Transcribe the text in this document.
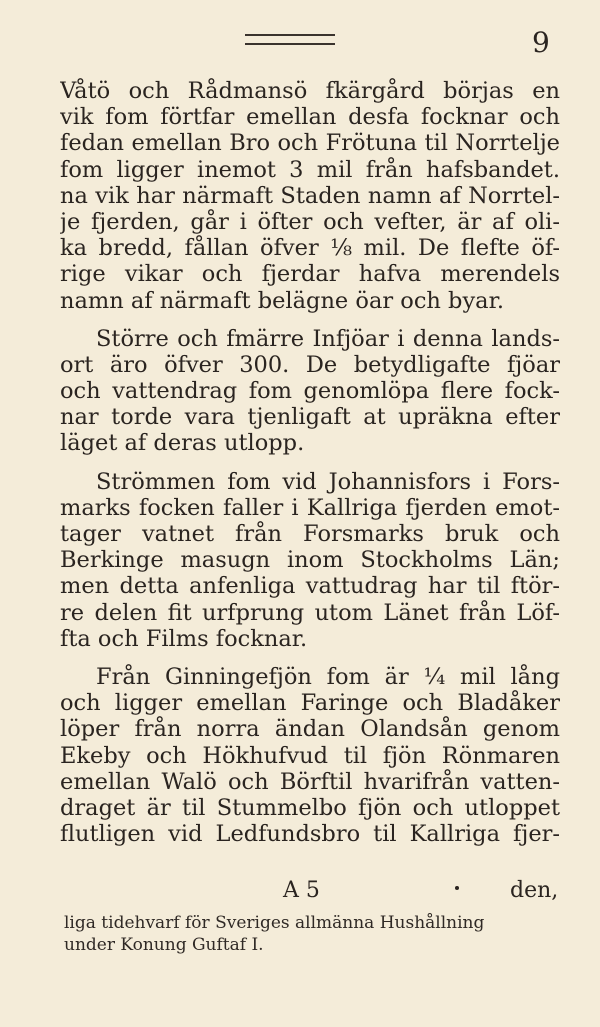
9
Våtö och Rådmansö fkärgård börjas en
vik fom förtfar emellan desfa focknar och
fedan emellan Bro och Frötuna til Norrtelje
fom ligger inemot 3 mil från hafsbandet.
na vik har närmaft Staden namn af Norrtel-
je fjerden, går i öfter och vefter, är af oli-
ka bredd, fållan öfver ⅛ mil. De flefte öf-
rige vikar och fjerdar hafva merendels
namn af närmaft belägne öar och byar.
Större och fmärre Infjöar i denna lands-
ort äro öfver 300. De betydligafte fjöar
och vattendrag fom genomlöpa flere fock-
nar torde vara tjenligaft at upräkna efter
läget af deras utlopp.
Strömmen fom vid Johannisfors i Fors-
marks focken faller i Kallriga fjerden emot-
tager vatnet från Forsmarks bruk och
Berkinge masugn inom Stockholms Län;
men detta anfenliga vattudrag har til ftör-
re delen fit urfprung utom Länet från Löf-
fta och Films focknar.
Från Ginningefjön fom är ¼ mil lång
och ligger emellan Faringe och Bladåker
löper från norra ändan Olandsån genom
Ekeby och Hökhufvud til fjön Rönmaren
emellan Walö och Börftil hvarifrån vatten-
draget är til Stummelbo fjön och utloppet
flutligen vid Ledfundsbro til Kallriga fjer-
A 5	den,
liga tidehvarf för Sveriges allmänna Hushållning
under Konung Guftaf I.
